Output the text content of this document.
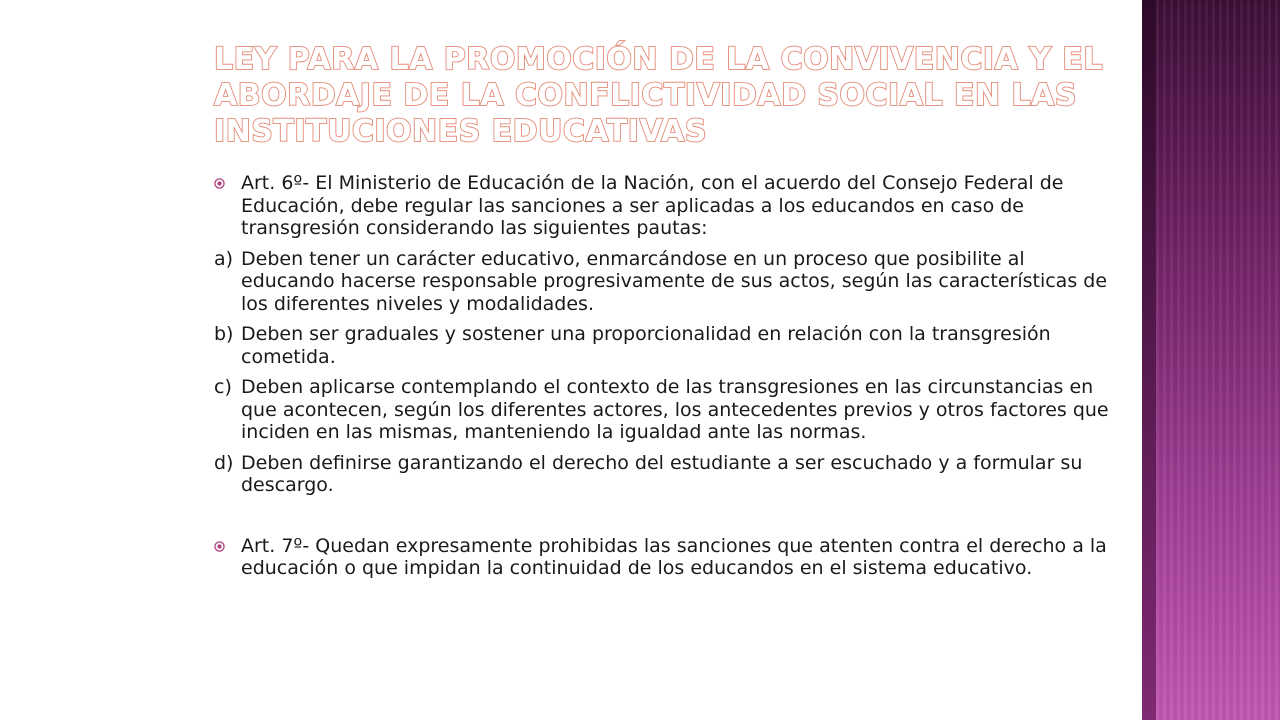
LEY PARA LA PROMOCIÓN DE LA CONVIVENCIA Y EL ABORDAJE DE LA CONFLICTIVIDAD SOCIAL EN LAS INSTITUCIONES EDUCATIVAS

Art. 6º- El Ministerio de Educación de la Nación, con el acuerdo del Consejo Federal de Educación, debe regular las sanciones a ser aplicadas a los educandos en caso de transgresión considerando las siguientes pautas:

a) Deben tener un carácter educativo, enmarcándose en un proceso que posibilite al educando hacerse responsable progresivamente de sus actos, según las características de los diferentes niveles y modalidades.

b) Deben ser graduales y sostener una proporcionalidad en relación con la transgresión cometida.

c) Deben aplicarse contemplando el contexto de las transgresiones en las circunstancias en que acontecen, según los diferentes actores, los antecedentes previos y otros factores que inciden en las mismas, manteniendo la igualdad ante las normas.

d) Deben definirse garantizando el derecho del estudiante a ser escuchado y a formular su descargo.

Art. 7º- Quedan expresamente prohibidas las sanciones que atenten contra el derecho a la educación o que impidan la continuidad de los educandos en el sistema educativo.
